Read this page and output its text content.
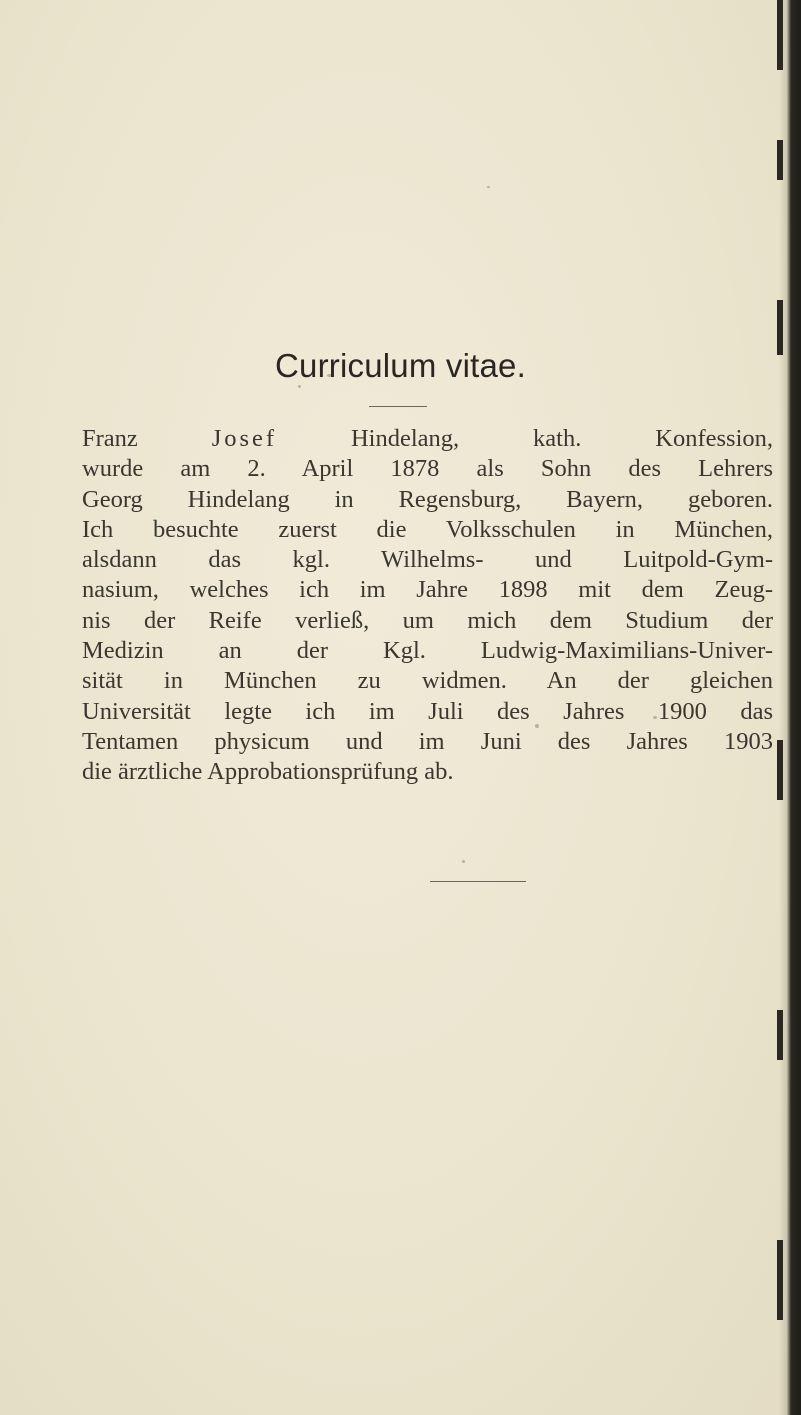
Curriculum vitae.
Franz Josef Hindelang, kath. Konfession,
wurde am 2. April 1878 als Sohn des Lehrers
Georg Hindelang in Regensburg, Bayern, geboren.
Ich besuchte zuerst die Volksschulen in München,
alsdann das kgl. Wilhelms- und Luitpold-Gym-
nasium, welches ich im Jahre 1898 mit dem Zeug-
nis der Reife verließ, um mich dem Studium der
Medizin an der Kgl. Ludwig-Maximilians-Univer-
sität in München zu widmen. An der gleichen
Universität legte ich im Juli des Jahres 1900 das
Tentamen physicum und im Juni des Jahres 1903
die ärztliche Approbationsprüfung ab.
